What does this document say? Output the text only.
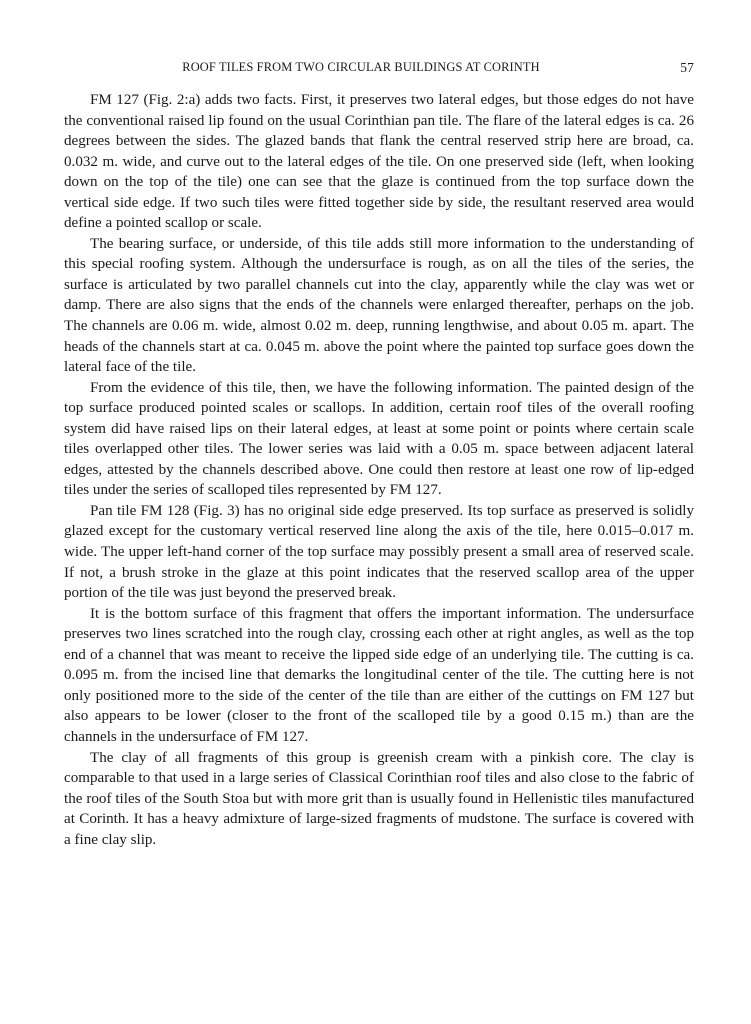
ROOF TILES FROM TWO CIRCULAR BUILDINGS AT CORINTH	57

FM 127 (Fig. 2:a) adds two facts. First, it preserves two lateral edges, but those edges do not have the conventional raised lip found on the usual Corinthian pan tile. The flare of the lateral edges is ca. 26 degrees between the sides. The glazed bands that flank the central reserved strip here are broad, ca. 0.032 m. wide, and curve out to the lateral edges of the tile. On one preserved side (left, when looking down on the top of the tile) one can see that the glaze is continued from the top surface down the vertical side edge. If two such tiles were fitted together side by side, the resultant reserved area would define a pointed scallop or scale.

The bearing surface, or underside, of this tile adds still more information to the understanding of this special roofing system. Although the undersurface is rough, as on all the tiles of the series, the surface is articulated by two parallel channels cut into the clay, apparently while the clay was wet or damp. There are also signs that the ends of the channels were enlarged thereafter, perhaps on the job. The channels are 0.06 m. wide, almost 0.02 m. deep, running lengthwise, and about 0.05 m. apart. The heads of the channels start at ca. 0.045 m. above the point where the painted top surface goes down the lateral face of the tile.

From the evidence of this tile, then, we have the following information. The painted design of the top surface produced pointed scales or scallops. In addition, certain roof tiles of the overall roofing system did have raised lips on their lateral edges, at least at some point or points where certain scale tiles overlapped other tiles. The lower series was laid with a 0.05 m. space between adjacent lateral edges, attested by the channels described above. One could then restore at least one row of lip-edged tiles under the series of scalloped tiles represented by FM 127.

Pan tile FM 128 (Fig. 3) has no original side edge preserved. Its top surface as preserved is solidly glazed except for the customary vertical reserved line along the axis of the tile, here 0.015–0.017 m. wide. The upper left-hand corner of the top surface may possibly present a small area of reserved scale. If not, a brush stroke in the glaze at this point indicates that the reserved scallop area of the upper portion of the tile was just beyond the preserved break.

It is the bottom surface of this fragment that offers the important information. The undersurface preserves two lines scratched into the rough clay, crossing each other at right angles, as well as the top end of a channel that was meant to receive the lipped side edge of an underlying tile. The cutting is ca. 0.095 m. from the incised line that demarks the longitudinal center of the tile. The cutting here is not only positioned more to the side of the center of the tile than are either of the cuttings on FM 127 but also appears to be lower (closer to the front of the scalloped tile by a good 0.15 m.) than are the channels in the undersurface of FM 127.

The clay of all fragments of this group is greenish cream with a pinkish core. The clay is comparable to that used in a large series of Classical Corinthian roof tiles and also close to the fabric of the roof tiles of the South Stoa but with more grit than is usually found in Hellenistic tiles manufactured at Corinth. It has a heavy admixture of large-sized fragments of mudstone. The surface is covered with a fine clay slip.
